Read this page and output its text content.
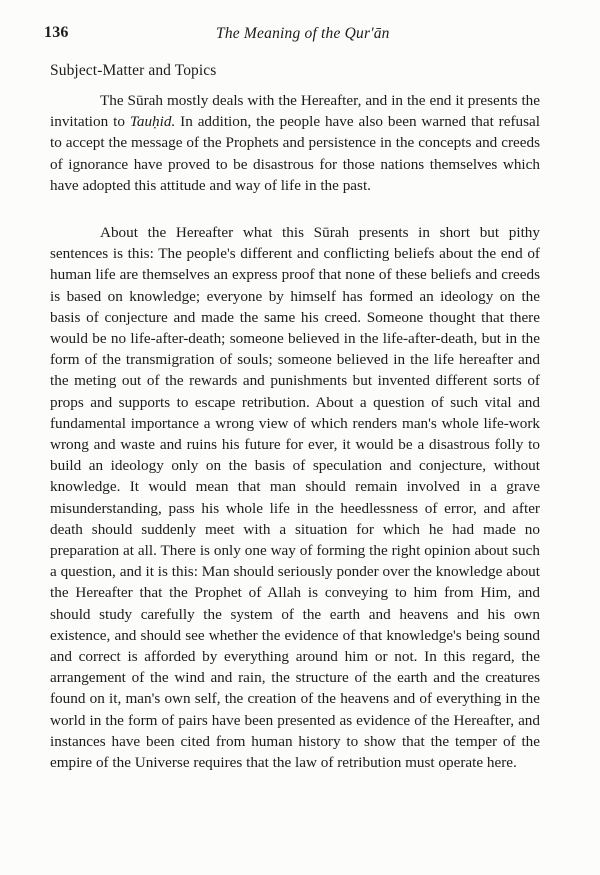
136	The Meaning of the Qur'ān
Subject-Matter and Topics

The Sūrah mostly deals with the Hereafter, and in the end it presents the invitation to Tauḥid. In addition, the people have also been warned that refusal to accept the message of the Prophets and persistence in the concepts and creeds of ignorance have proved to be disastrous for those nations themselves which have adopted this attitude and way of life in the past.

About the Hereafter what this Sūrah presents in short but pithy sentences is this: The people's different and conflicting beliefs about the end of human life are themselves an express proof that none of these beliefs and creeds is based on knowledge; everyone by himself has formed an ideology on the basis of conjecture and made the same his creed. Someone thought that there would be no life-after-death; someone believed in the life-after-death, but in the form of the transmigration of souls; someone believed in the life hereafter and the meting out of the rewards and punishments but invented different sorts of props and supports to escape retribution. About a question of such vital and fundamental importance a wrong view of which renders man's whole life-work wrong and waste and ruins his future for ever, it would be a disastrous folly to build an ideology only on the basis of speculation and conjecture, without knowledge. It would mean that man should remain involved in a grave misunderstanding, pass his whole life in the heedlessness of error, and after death should suddenly meet with a situation for which he had made no preparation at all. There is only one way of forming the right opinion about such a question, and it is this: Man should seriously ponder over the knowledge about the Hereafter that the Prophet of Allah is conveying to him from Him, and should study carefully the system of the earth and heavens and his own existence, and should see whether the evidence of that knowledge's being sound and correct is afforded by everything around him or not. In this regard, the arrangement of the wind and rain, the structure of the earth and the creatures found on it, man's own self, the creation of the heavens and of everything in the world in the form of pairs have been presented as evidence of the Hereafter, and instances have been cited from human history to show that the temper of the empire of the Universe requires that the law of retribution must operate here.
